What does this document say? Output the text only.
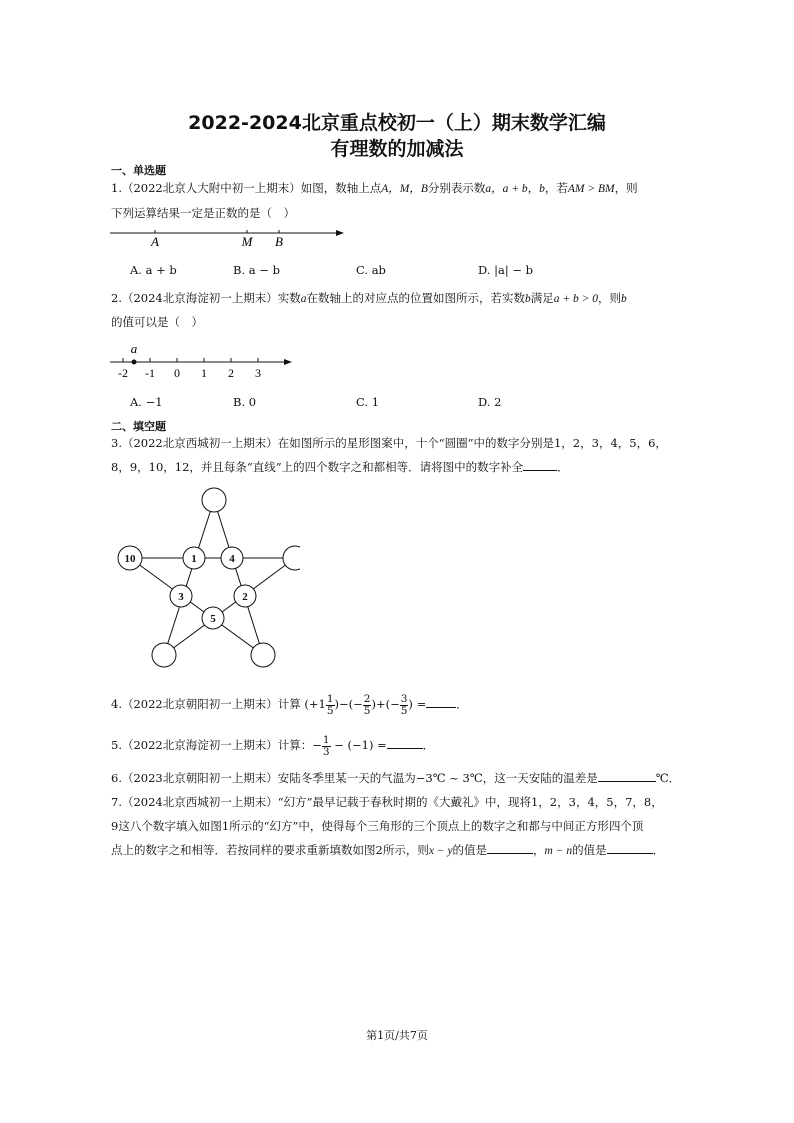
2022-2024北京重点校初一（上）期末数学汇编
有理数的加减法
一、单选题
1.（2022北京人大附中初一上期末）如图，数轴上点A，M，B分别表示数a，a + b，b，若AM > BM，则
下列运算结果一定是正数的是（　）
A	M B
A. a + b	B. a − b	C. ab	D. |a| − b
2.（2024北京海淀初一上期末）实数a在数轴上的对应点的位置如图所示，若实数b满足a + b > 0，则b
的值可以是（　）
a
-2 -1 0 1 2 3
A. −1	B. 0	C. 1	D. 2
二、填空题
3.（2022北京西城初一上期末）在如图所示的星形图案中，十个“圆圈”中的数字分别是1，2，3，4，5，6，
8，9，10，12，并且每条“直线”上的四个数字之和都相等．请将图中的数字补全	．
10	1	4
3	2
5
4.（2022北京朝阳初一上期末）计算 ($+1 \frac{1}{5}$ )−(− $\frac{2}{5}$ )+(− $\frac{3}{5}$ ) =	．
5.（2022北京海淀初一上期末）计算：− $\frac{1}{3} - (-1)$ =	．
6.（2023北京朝阳初一上期末）安陆冬季里某一天的气温为−3℃ ~ 3℃，这一天安陆的温差是	℃．
7.（2024北京西城初一上期末）“幻方”最早记载于春秋时期的《大戴礼》中，现将1，2，3，4，5，7，8，
9这八个数字填入如图1所示的“幻方”中，使得每个三角形的三个顶点上的数字之和都与中间正方形四个顶
点上的数字之和相等．若按同样的要求重新填数如图2所示，则x − y的值是	，m − n的值是	．
第1页/共7页
